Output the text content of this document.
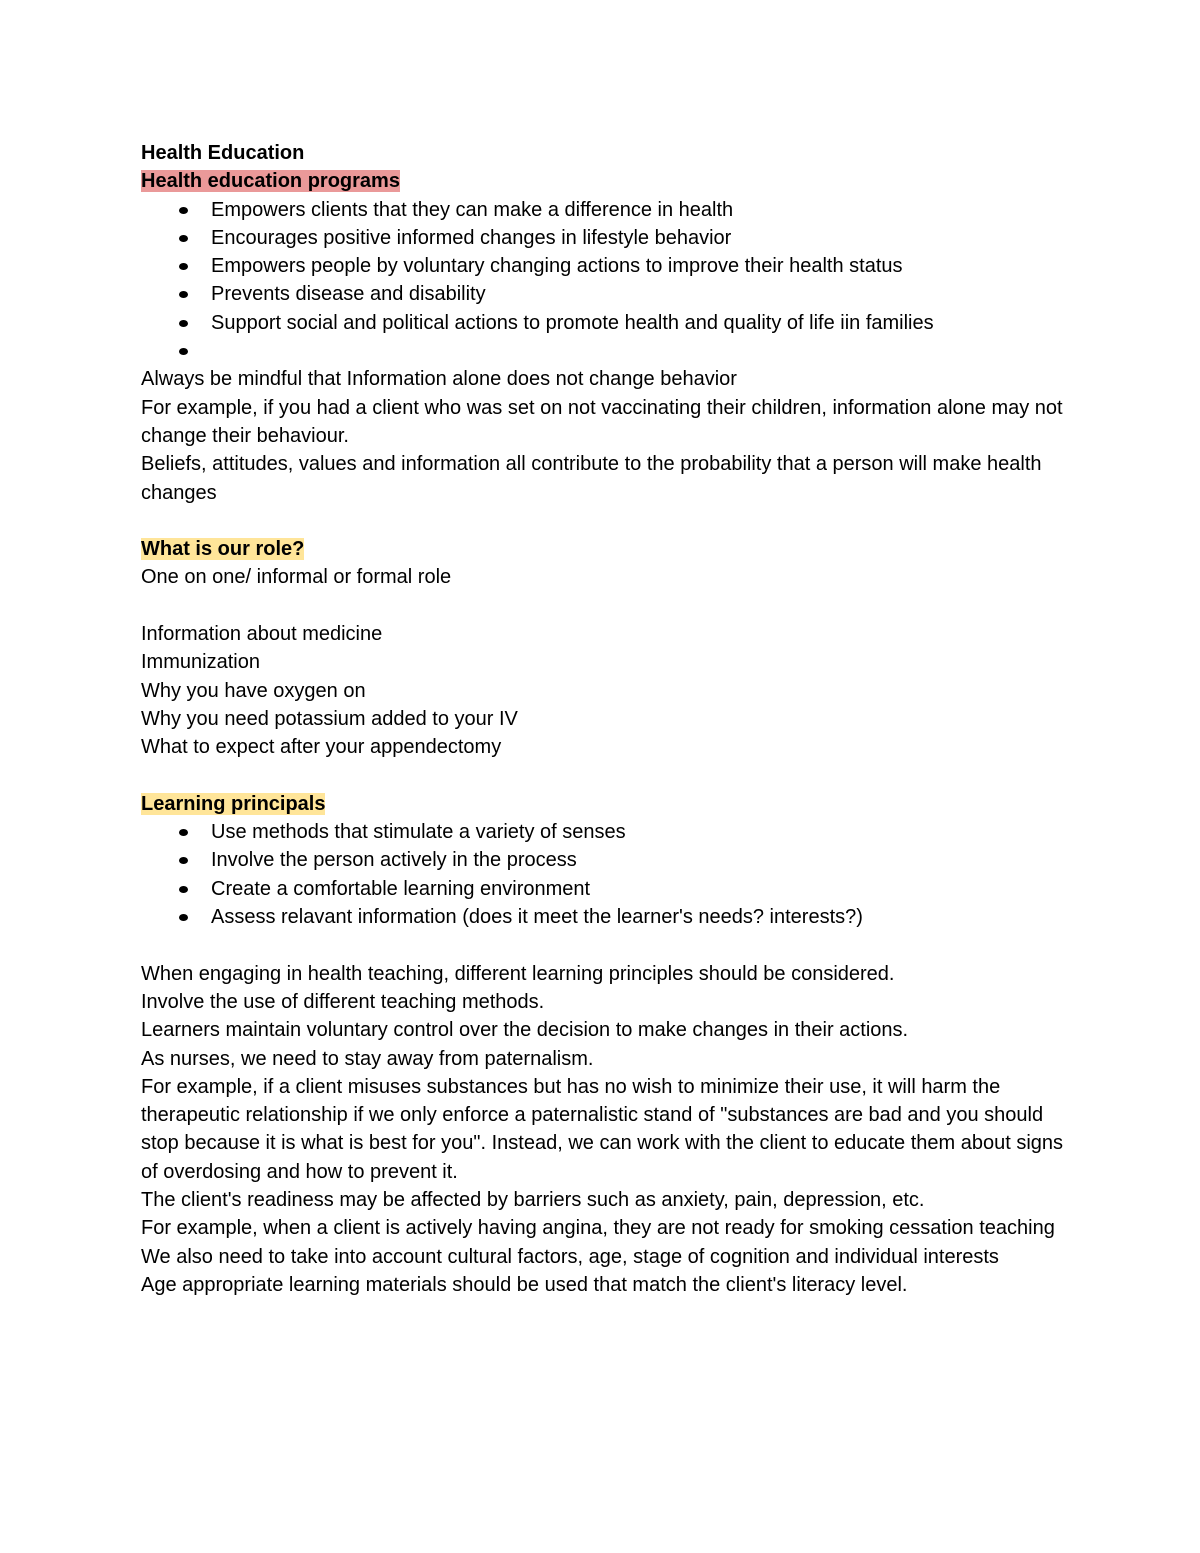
Health Education
Health education programs
Empowers clients that they can make a difference in health
Encourages positive informed changes in lifestyle behavior
Empowers people by voluntary changing actions to improve their health status
Prevents disease and disability
Support social and political actions to promote health and quality of life iin families
Always be mindful that Information alone does not change behavior
For example, if you had a client who was set on not vaccinating their children, information alone may not change their behaviour.
Beliefs, attitudes, values and information all contribute to the probability that a person will make health changes
What is our role?
One on one/ informal or formal role
Information about medicine
Immunization
Why you have oxygen on
Why you need potassium added to your IV
What to expect after your appendectomy
Learning principals
Use methods that stimulate a variety of senses
Involve the person actively in the process
Create a comfortable learning environment
Assess relavant information (does it meet the learner's needs? interests?)
When engaging in health teaching, different learning principles should be considered.
Involve the use of different teaching methods.
Learners maintain voluntary control over the decision to make changes in their actions.
As nurses, we need to stay away from paternalism.
For example, if a client misuses substances but has no wish to minimize their use, it will harm the therapeutic relationship if we only enforce a paternalistic stand of "substances are bad and you should stop because it is what is best for you". Instead, we can work with the client to educate them about signs of overdosing and how to prevent it.
The client's readiness may be affected by barriers such as anxiety, pain, depression, etc.
For example, when a client is actively having angina, they are not ready for smoking cessation teaching
We also need to take into account cultural factors, age, stage of cognition and individual interests
Age appropriate learning materials should be used that match the client's literacy level.
